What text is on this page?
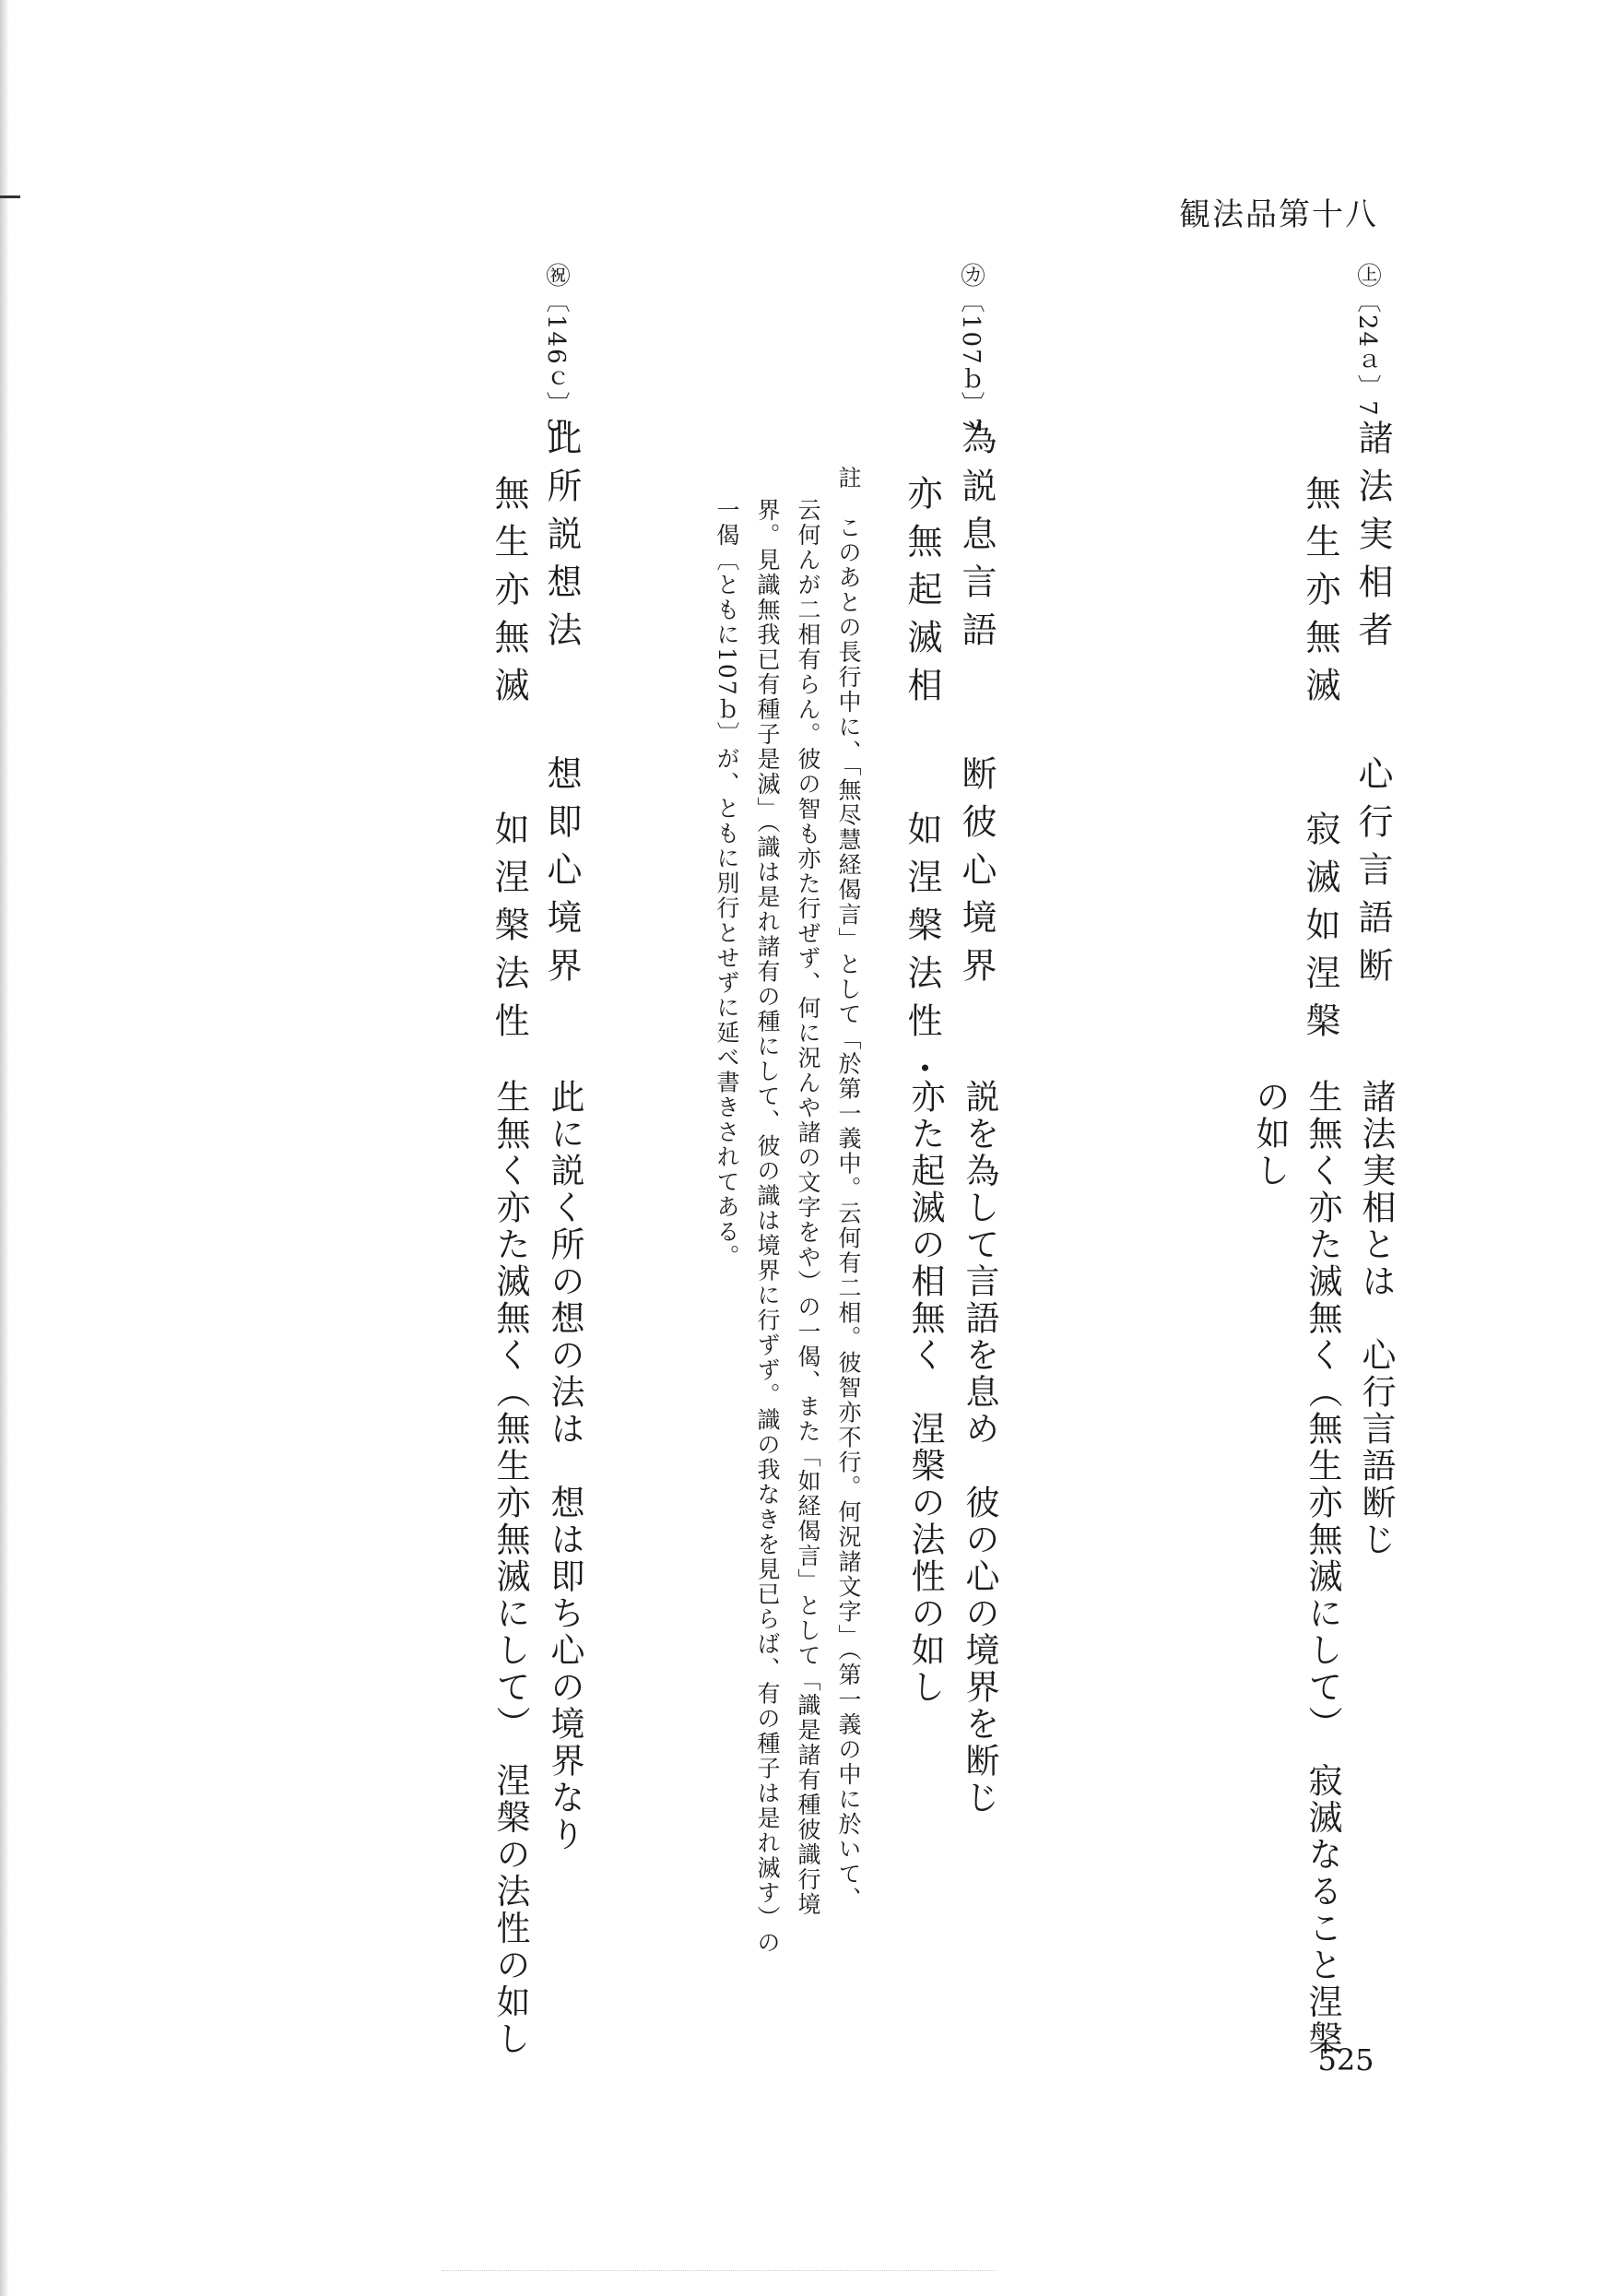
観法品第十八
㊤〔24ａ〕7
諸法実相者　　心行言語断
無生亦無滅　　寂滅如涅槃
諸法実相とは　心行言語断じ
生無く亦た滅無く（無生亦無滅にして）　寂滅なること涅槃
の如し
㋕〔107ｂ〕7
為説息言語　　断彼心境界
亦無起滅相　　如涅槃法性・
説を為して言語を息め　彼の心の境界を断じ
亦た起滅の相無く　涅槃の法性の如し
註　このあとの長行中に、「無尽慧経偈言」として「於第一義中。云何有二相。彼智亦不行。何況諸文字」（第一義の中に於いて、
云何んが二相有らん。彼の智も亦た行ぜず、何に況んや諸の文字をや）の一偈、また「如経偈言」として「識是諸有種彼識行境
界。見識無我已有種子是滅」（識は是れ諸有の種にして、彼の識は境界に行ずず。識の我なきを見已らば、有の種子は是れ滅す）の
一偈〔ともに107ｂ〕が、ともに別行とせずに延べ書きされてある。
㊗〔146ｃ〕5
此所説想法　　想即心境界
無生亦無滅　　如涅槃法性
此に説く所の想の法は　想は即ち心の境界なり
生無く亦た滅無く（無生亦無滅にして）　涅槃の法性の如し
525
